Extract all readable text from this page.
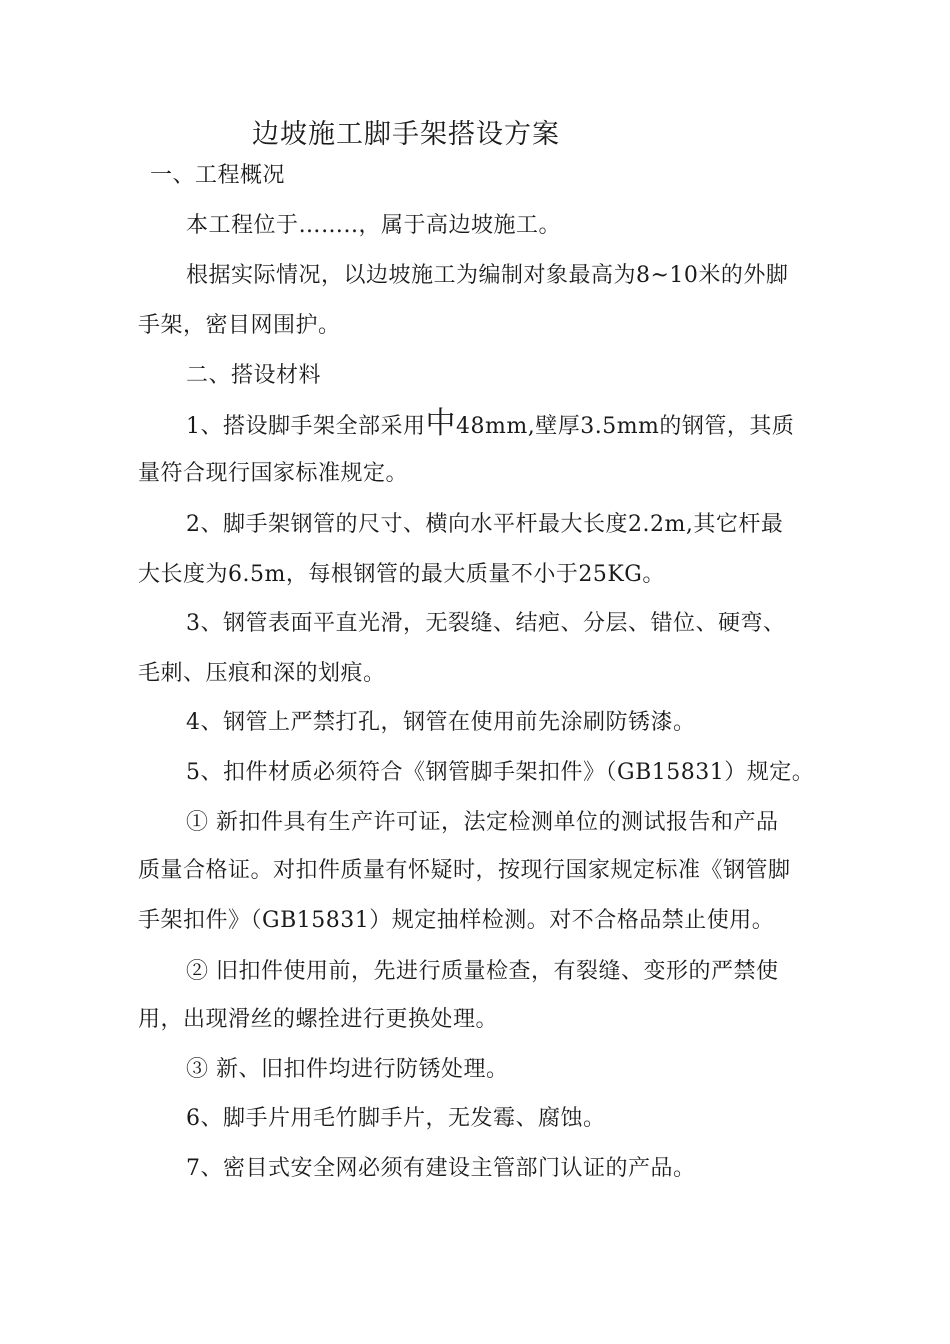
边坡施工脚手架搭设方案
一、工程概况
本工程位于……..，属于高边坡施工。
根据实际情况，以边坡施工为编制对象最高为8~10米的外脚
手架，密目网围护。
二、搭设材料
1、搭设脚手架全部采用中48mm,壁厚3.5mm的钢管，其质
量符合现行国家标准规定。
2、脚手架钢管的尺寸、横向水平杆最大长度2.2m,其它杆最
大长度为6.5m，每根钢管的最大质量不小于25KG。
3、钢管表面平直光滑，无裂缝、结疤、分层、错位、硬弯、
毛刺、压痕和深的划痕。
4、钢管上严禁打孔，钢管在使用前先涂刷防锈漆。
5、扣件材质必须符合《钢管脚手架扣件》（GB15831）规定。
① 新扣件具有生产许可证，法定检测单位的测试报告和产品
质量合格证。对扣件质量有怀疑时，按现行国家规定标准《钢管脚
手架扣件》（GB15831）规定抽样检测。对不合格品禁止使用。
② 旧扣件使用前，先进行质量检查，有裂缝、变形的严禁使
用，出现滑丝的螺拴进行更换处理。
③ 新、旧扣件均进行防锈处理。
6、脚手片用毛竹脚手片，无发霉、腐蚀。
7、密目式安全网必须有建设主管部门认证的产品。
